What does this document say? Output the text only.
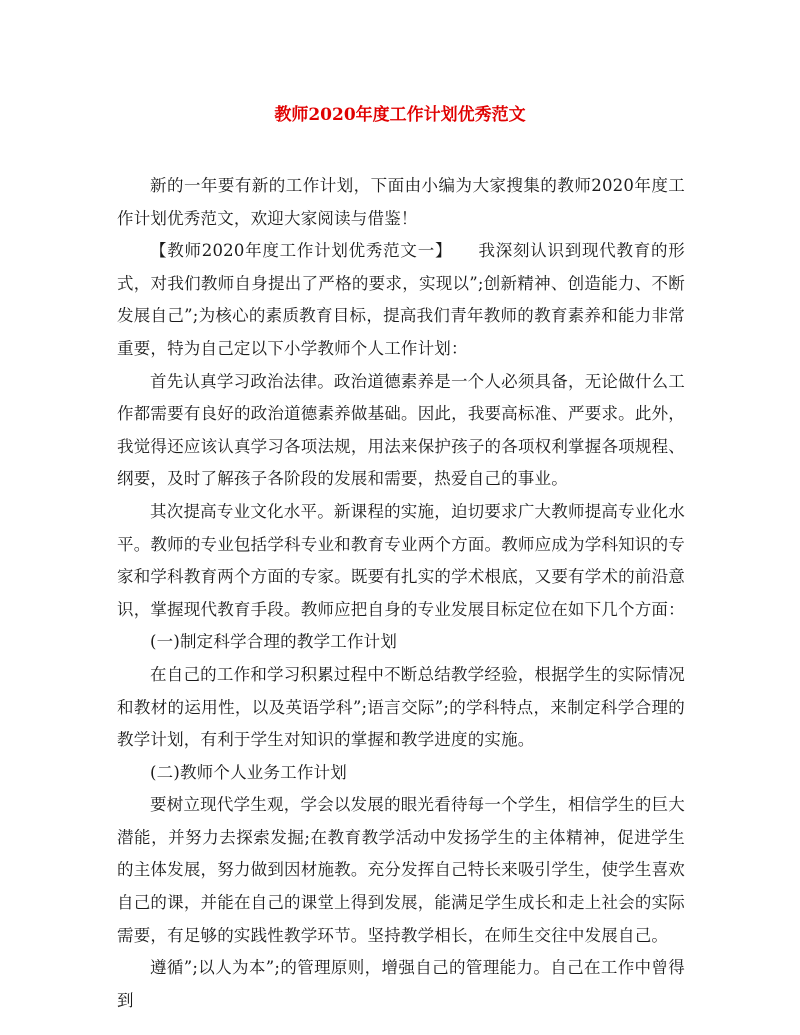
教师2020年度工作计划优秀范文

新的一年要有新的工作计划，下面由小编为大家搜集的教师2020年度工作计划优秀范文，欢迎大家阅读与借鉴！

【教师2020年度工作计划优秀范文一】　　我深刻认识到现代教育的形式，对我们教师自身提出了严格的要求，实现以”;创新精神、创造能力、不断发展自己”;为核心的素质教育目标，提高我们青年教师的教育素养和能力非常重要，特为自己定以下小学教师个人工作计划：

首先认真学习政治法律。政治道德素养是一个人必须具备，无论做什么工作都需要有良好的政治道德素养做基础。因此，我要高标准、严要求。此外，我觉得还应该认真学习各项法规，用法来保护孩子的各项权利掌握各项规程、纲要，及时了解孩子各阶段的发展和需要，热爱自己的事业。

其次提高专业文化水平。新课程的实施，迫切要求广大教师提高专业化水平。教师的专业包括学科专业和教育专业两个方面。教师应成为学科知识的专家和学科教育两个方面的专家。既要有扎实的学术根底，又要有学术的前沿意识，掌握现代教育手段。教师应把自身的专业发展目标定位在如下几个方面：

(一)制定科学合理的教学工作计划

在自己的工作和学习积累过程中不断总结教学经验，根据学生的实际情况和教材的运用性，以及英语学科”;语言交际”;的学科特点，来制定科学合理的教学计划，有利于学生对知识的掌握和教学进度的实施。

(二)教师个人业务工作计划

要树立现代学生观，学会以发展的眼光看待每一个学生，相信学生的巨大潜能，并努力去探索发掘;在教育教学活动中发扬学生的主体精神，促进学生的主体发展，努力做到因材施教。充分发挥自己特长来吸引学生，使学生喜欢自己的课，并能在自己的课堂上得到发展，能满足学生成长和走上社会的实际需要，有足够的实践性教学环节。坚持教学相长，在师生交往中发展自己。

遵循”;以人为本”;的管理原则，增强自己的管理能力。自己在工作中曾得到
